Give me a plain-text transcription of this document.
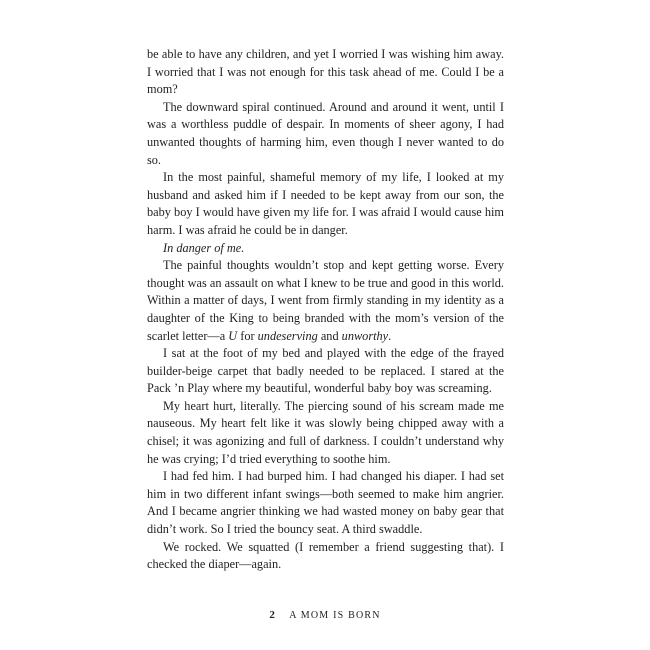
be able to have any children, and yet I worried I was wishing him away. I worried that I was not enough for this task ahead of me. Could I be a mom?

The downward spiral continued. Around and around it went, until I was a worthless puddle of despair. In moments of sheer agony, I had unwanted thoughts of harming him, even though I never wanted to do so.

In the most painful, shameful memory of my life, I looked at my husband and asked him if I needed to be kept away from our son, the baby boy I would have given my life for. I was afraid I would cause him harm. I was afraid he could be in danger.

In danger of me.

The painful thoughts wouldn’t stop and kept getting worse. Every thought was an assault on what I knew to be true and good in this world. Within a matter of days, I went from firmly standing in my identity as a daughter of the King to being branded with the mom’s version of the scarlet letter—a U for undeserving and unworthy.

I sat at the foot of my bed and played with the edge of the frayed builder-beige carpet that badly needed to be replaced. I stared at the Pack ’n Play where my beautiful, wonderful baby boy was screaming.

My heart hurt, literally. The piercing sound of his scream made me nauseous. My heart felt like it was slowly being chipped away with a chisel; it was agonizing and full of darkness. I couldn’t understand why he was crying; I’d tried everything to soothe him.

I had fed him. I had burped him. I had changed his diaper. I had set him in two different infant swings—both seemed to make him angrier. And I became angrier thinking we had wasted money on baby gear that didn’t work. So I tried the bouncy seat. A third swaddle.

We rocked. We squatted (I remember a friend suggesting that). I checked the diaper—again.

2 A MOM IS BORN
